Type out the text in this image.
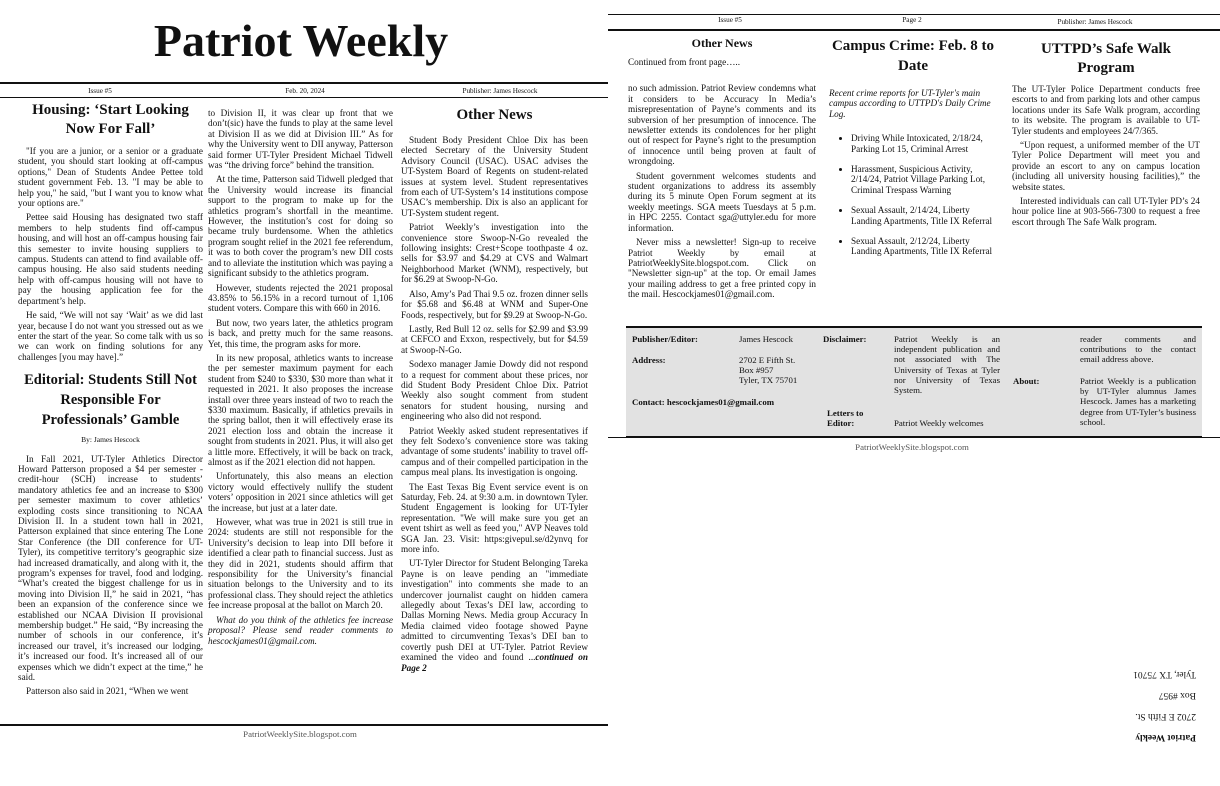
Patriot Weekly
Issue #5	Feb. 20, 2024	Publisher: James Hescock
Housing: ‘Start Looking Now For Fall’

"If you are a junior, or a senior or a graduate student, you should start looking at off-campus options," Dean of Students Andee Pettee told student government Feb. 13. "I may be able to help you," he said, "but I want you to know what your options are."

Pettee said Housing has designated two staff members to help students find off-campus housing, and will host an off-campus housing fair this semester to invite housing suppliers to campus. Students can attend to find available off-campus housing. He also said students needing help with off-campus housing will not have to pay the housing application fee for the department’s help.

He said, “We will not say ‘Wait’ as we did last year, because I do not want you stressed out as we enter the start of the year. So come talk with us so we can work on finding solutions for any challenges [you may have].”

Editorial: Students Still Not Responsible For Professionals’ Gamble
By: James Hescock

In Fall 2021, UT-Tyler Athletics Director Howard Patterson proposed a $4 per semester -credit-hour (SCH) increase to students’ mandatory athletics fee and an increase to $300 per semester maximum to cover athletics’ exploding costs since transitioning to NCAA Division II. In a student town hall in 2021, Patterson explained that since entering The Lone Star Conference (the DII conference for UT-Tyler), its competitive territory’s geographic size had increased dramatically, and along with it, the program’s expenses for travel, food and lodging. “What’s created the biggest challenge for us in moving into Division II,” he said in 2021, “has been an expansion of the conference since we established our NCAA Division II provisional membership budget.” He said, “By increasing the number of schools in our conference, it’s increased our travel, it’s increased our lodging, it’s increased our food. It’s increased all of our expenses which we didn’t expect at the time,” he said.

Patterson also said in 2021, “When we went

to Division II, it was clear up front that we don’t(sic) have the funds to play at the same level at Division II as we did at Division III.” As for why the University went to DII anyway, Patterson said former UT-Tyler President Michael Tidwell was “the driving force” behind the transition.

At the time, Patterson said Tidwell pledged that the University would increase its financial support to the program to make up for the athletics program’s shortfall in the meantime. However, the institution’s cost for doing so became truly burdensome. When the athletics program sought relief in the 2021 fee referendum, it was to both cover the program’s new DII costs and to alleviate the institution which was paying a significant subsidy to the athletics program.

However, students rejected the 2021 proposal 43.85% to 56.15% in a record turnout of 1,106 student voters. Compare this with 660 in 2016.

But now, two years later, the athletics program is back, and pretty much for the same reasons. Yet, this time, the program asks for more.

In its new proposal, athletics wants to increase the per semester maximum payment for each student from $240 to $330, $30 more than what it requested in 2021. It also proposes the increase install over three years instead of two to reach the $330 maximum. Basically, if athletics prevails in the spring ballot, then it will effectively erase its 2021 election loss and obtain the increase it sought from students in 2021. Plus, it will also get a little more. Effectively, it will be back on track, almost as if the 2021 election did not happen.

Unfortunately, this also means an election victory would effectively nullify the student voters’ opposition in 2021 since athletics will get the increase, but just at a later date.

However, what was true in 2021 is still true in 2024: students are still not responsible for the University’s decision to leap into DII before it identified a clear path to financial success. Just as they did in 2021, students should affirm that responsibility for the University’s financial situation belongs to the University and to its professional class. They should reject the athletics fee increase proposal at the ballot on March 20.

What do you think of the athletics fee increase proposal? Please send reader comments to hescockjames01@gmail.com.

Other News

Student Body President Chloe Dix has been elected Secretary of the University Student Advisory Council (USAC). USAC advises the UT-System Board of Regents on student-related issues at system level. Student representatives from each of UT-System’s 14 institutions compose USAC’s membership. Dix is also an applicant for UT-System student regent.

Patriot Weekly’s investigation into the convenience store Swoop-N-Go revealed the following insights: Crest+Scope toothpaste 4 oz. sells for $3.97 and $4.29 at CVS and Walmart Neighborhood Market (WNM), respectively, but for $6.29 at Swoop-N-Go.

Also, Amy’s Pad Thai 9.5 oz. frozen dinner sells for $5.68 and $6.48 at WNM and Super-One Foods, respectively, but for $9.29 at Swoop-N-Go.

Lastly, Red Bull 12 oz. sells for $2.99 and $3.99 at CEFCO and Exxon, respectively, but for $4.59 at Swoop-N-Go.

Sodexo manager Jamie Dowdy did not respond to a request for comment about these prices, nor did Student Body President Chloe Dix. Patriot Weekly also sought comment from student senators for student housing, nursing and engineering who also did not respond.

Patriot Weekly asked student representatives if they felt Sodexo’s convenience store was taking advantage of some students’ inability to travel off-campus and of their compelled participation in the campus meal plans. Its investigation is ongoing.

The East Texas Big Event service event is on Saturday, Feb. 24. at 9:30 a.m. in downtown Tyler. Student Engagement is looking for UT-Tyler representation. "We will make sure you get an event tshirt as well as feed you," AVP Neaves told SGA Jan. 23. Visit: https:givepul.se/d2ynvq for more info.

UT-Tyler Director for Student Belonging Tareka Payne is on leave pending an "immediate investigation" into comments she made to an undercover journalist caught on hidden camera allegedly about Texas’s DEI law, according to Dallas Morning News. Media group Accuracy In Media claimed video footage showed Payne admitted to circumventing Texas’s DEI ban to covertly push DEI at UT-Tyler. Patriot Review examined the video and found ...continued on Page 2

PatriotWeeklySite.blogspot.com
Issue #5	Page 2	Publisher: James Hescock
Other News
Continued from front page…..

no such admission. Patriot Review condemns what it considers to be Accuracy In Media’s misrepresentation of Payne’s comments and its subversion of her presumption of innocence. The newsletter extends its condolences for her plight out of respect for Payne’s right to the presumption of innocence until being proven at fault of wrongdoing.

Student government welcomes students and student organizations to address its assembly during its 5 minute Open Forum segment at its weekly meetings. SGA meets Tuesdays at 5 p.m. in HPC 2255. Contact sga@uttyler.edu for more information.

Never miss a newsletter! Sign-up to receive Patriot Weekly by email at PatriotWeeklySite.blogspot.com. Click on "Newsletter sign-up" at the top. Or email James your mailing address to get a free printed copy in the mail. Hescockjames01@gmail.com.

Campus Crime: Feb. 8 to Date
Recent crime reports for UT-Tyler's main campus according to UTTPD's Daily Crime Log.
• Driving While Intoxicated, 2/18/24, Parking Lot 15, Criminal Arrest
• Harassment, Suspicious Activity, 2/14/24, Patriot Village Parking Lot, Criminal Trespass Warning
• Sexual Assault, 2/14/24, Liberty Landing Apartments, Title IX Referral
• Sexual Assault, 2/12/24, Liberty Landing Apartments, Title IX Referral
UTTPD’s Safe Walk Program

The UT-Tyler Police Department conducts free escorts to and from parking lots and other campus locations under its Safe Walk program, according to its website. The program is available to UT-Tyler students and employees 24/7/365.

“Upon request, a uniformed member of the UT Tyler Police Department will meet you and provide an escort to any on campus location (including all university housing facilities),” the website states.

Interested individuals can call UT-Tyler PD’s 24 hour police line at 903-566-7300 to request a free escort through The Safe Walk program.

Publisher/Editor:	James Hescock
Address:	2702 E Fifth St.
Box #957
Tyler, TX 75701
Contact: hescockjames01@gmail.com
Disclaimer:	Patriot Weekly is an independent publication and not associated with The University of Texas at Tyler nor University of Texas System.
Letters to Editor:	Patriot Weekly welcomes
reader comments and contributions to the contact email address above.
About:	Patriot Weekly is a publication by UT-Tyler alumnus James Hescock. James has a marketing degree from UT-Tyler’s business school.
PatriotWeeklySite.blogspot.com
Patriot Weekly
2702 E Fifth St.
Box #957
Tyler, TX 75701
